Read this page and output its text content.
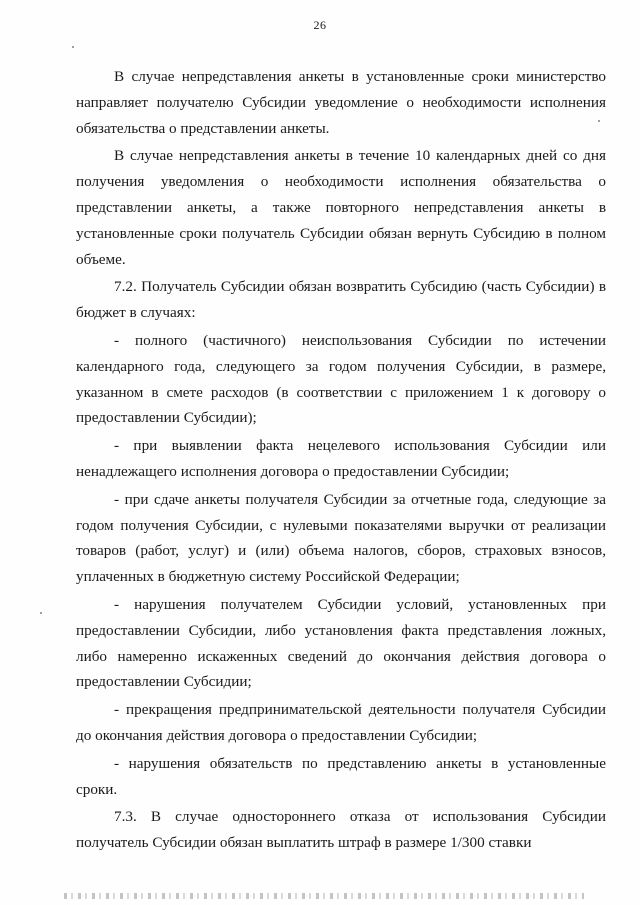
26

В случае непредставления анкеты в установленные сроки министерство направляет получателю Субсидии уведомление о необходимости исполнения обязательства о представлении анкеты.

В случае непредставления анкеты в течение 10 календарных дней со дня получения уведомления о необходимости исполнения обязательства о представлении анкеты, а также повторного непредставления анкеты в установленные сроки получатель Субсидии обязан вернуть Субсидию в полном объеме.

7.2. Получатель Субсидии обязан возвратить Субсидию (часть Субсидии) в бюджет в случаях:

- полного (частичного) неиспользования Субсидии по истечении календарного года, следующего за годом получения Субсидии, в размере, указанном в смете расходов (в соответствии с приложением 1 к договору о предоставлении Субсидии);

- при выявлении факта нецелевого использования Субсидии или ненадлежащего исполнения договора о предоставлении Субсидии;

- при сдаче анкеты получателя Субсидии за отчетные года, следующие за годом получения Субсидии, с нулевыми показателями выручки от реализации товаров (работ, услуг) и (или) объема налогов, сборов, страховых взносов, уплаченных в бюджетную систему Российской Федерации;

- нарушения получателем Субсидии условий, установленных при предоставлении Субсидии, либо установления факта представления ложных, либо намеренно искаженных сведений до окончания действия договора о предоставлении Субсидии;

- прекращения предпринимательской деятельности получателя Субсидии до окончания действия договора о предоставлении Субсидии;

- нарушения обязательств по представлению анкеты в установленные сроки.

7.3. В случае одностороннего отказа от использования Субсидии получатель Субсидии обязан выплатить штраф в размере 1/300 ставки
